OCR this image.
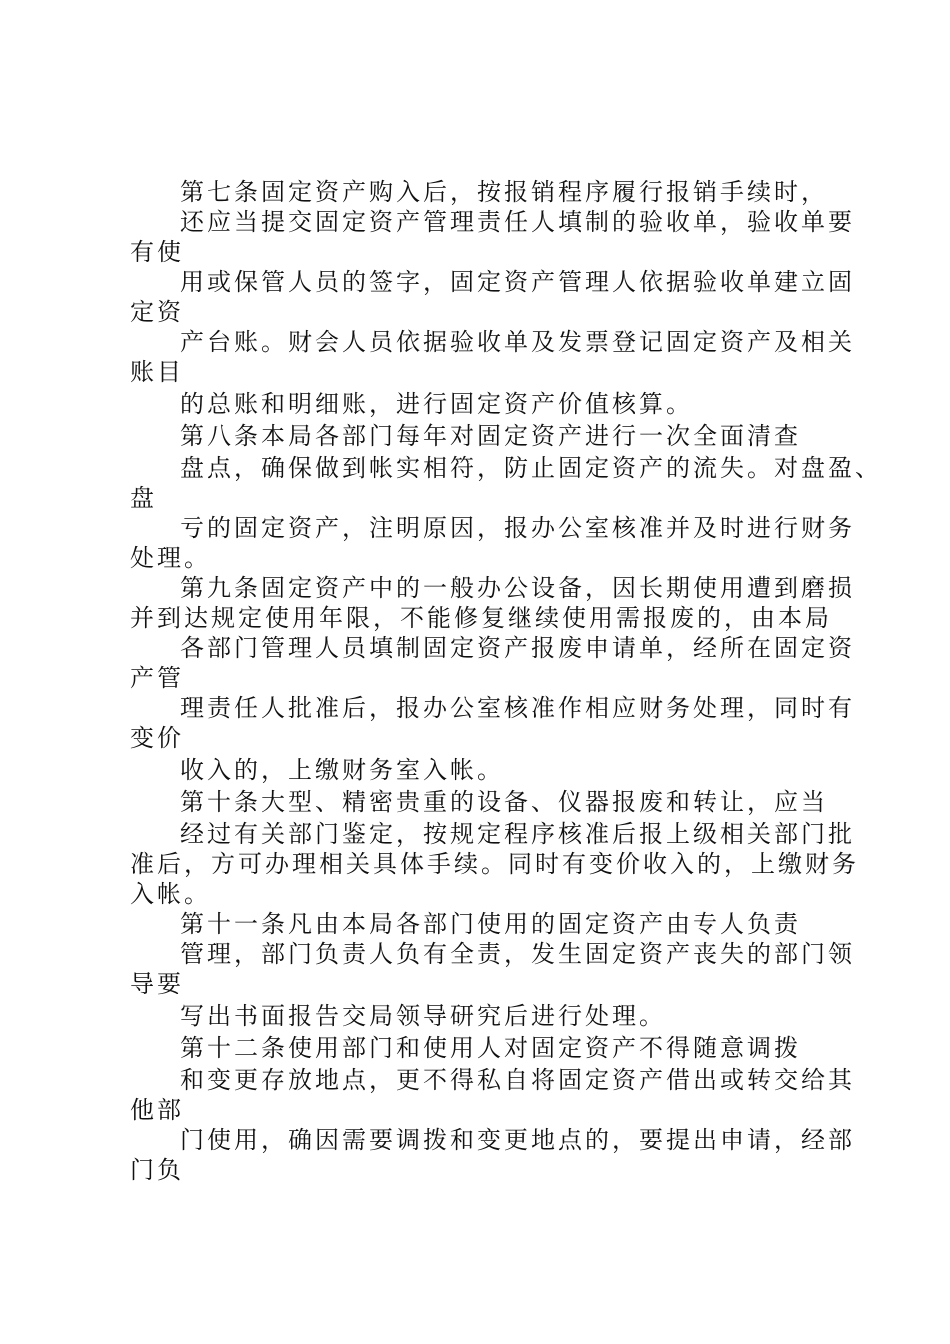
第七条固定资产购入后，按报销程序履行报销手续时，

还应当提交固定资产管理责任人填制的验收单，验收单要

有使

用或保管人员的签字，固定资产管理人依据验收单建立固

定资

产台账。财会人员依据验收单及发票登记固定资产及相关

账目

的总账和明细账，进行固定资产价值核算。

第八条本局各部门每年对固定资产进行一次全面清查

盘点，确保做到帐实相符，防止固定资产的流失。对盘盈、

盘

亏的固定资产，注明原因，报办公室核准并及时进行财务

处理。

第九条固定资产中的一般办公设备，因长期使用遭到磨损

并到达规定使用年限，不能修复继续使用需报废的，由本局

各部门管理人员填制固定资产报废申请单，经所在固定资

产管

理责任人批准后，报办公室核准作相应财务处理，同时有

变价

收入的，上缴财务室入帐。

第十条大型、精密贵重的设备、仪器报废和转让，应当

经过有关部门鉴定，按规定程序核准后报上级相关部门批

准后，方可办理相关具体手续。同时有变价收入的，上缴财务

入帐。

第十一条凡由本局各部门使用的固定资产由专人负责

管理，部门负责人负有全责，发生固定资产丧失的部门领

导要

写出书面报告交局领导研究后进行处理。

第十二条使用部门和使用人对固定资产不得随意调拨

和变更存放地点，更不得私自将固定资产借出或转交给其

他部

门使用，确因需要调拨和变更地点的，要提出申请，经部

门负
